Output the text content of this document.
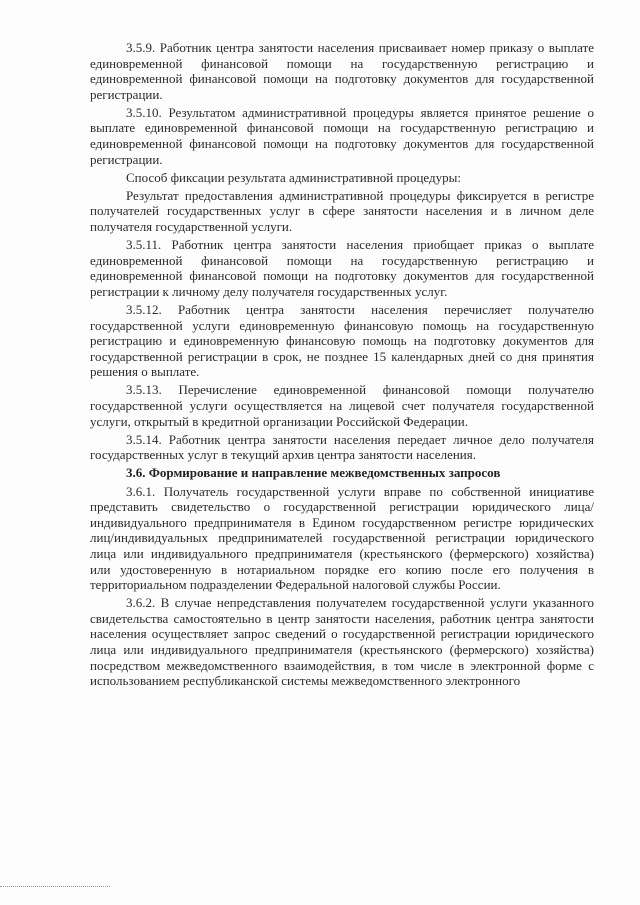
3.5.9. Работник центра занятости населения присваивает номер приказу о выплате единовременной финансовой помощи на государственную регистрацию и единовременной финансовой помощи на подготовку документов для государственной регистрации.

3.5.10. Результатом административной процедуры является принятое решение о выплате единовременной финансовой помощи на государственную регистрацию и единовременной финансовой помощи на подготовку документов для государственной регистрации.

Способ фиксации результата административной процедуры:

Результат предоставления административной процедуры фиксируется в регистре получателей государственных услуг в сфере занятости населения и в личном деле получателя государственной услуги.

3.5.11. Работник центра занятости населения приобщает приказ о выплате единовременной финансовой помощи на государственную регистрацию и единовременной финансовой помощи на подготовку документов для государственной регистрации к личному делу получателя государственных услуг.

3.5.12. Работник центра занятости населения перечисляет получателю государственной услуги единовременную финансовую помощь на государственную регистрацию и единовременную финансовую помощь на подготовку документов для государственной регистрации в срок, не позднее 15 календарных дней со дня принятия решения о выплате.

3.5.13. Перечисление единовременной финансовой помощи получателю государственной услуги осуществляется на лицевой счет получателя государственной услуги, открытый в кредитной организации Российской Федерации.

3.5.14. Работник центра занятости населения передает личное дело получателя государственных услуг в текущий архив центра занятости населения.

3.6. Формирование и направление межведомственных запросов

3.6.1. Получатель государственной услуги вправе по собственной инициативе представить свидетельство о государственной регистрации юридического лица/индивидуального предпринимателя в Едином государственном регистре юридических лиц/индивидуальных предпринимателей государственной регистрации юридического лица или индивидуального предпринимателя (крестьянского (фермерского) хозяйства) или удостоверенную в нотариальном порядке его копию после его получения в территориальном подразделении Федеральной налоговой службы России.

3.6.2. В случае непредставления получателем государственной услуги указанного свидетельства самостоятельно в центр занятости населения, работник центра занятости населения осуществляет запрос сведений о государственной регистрации юридического лица или индивидуального предпринимателя (крестьянского (фермерского) хозяйства) посредством межведомственного взаимодействия, в том числе в электронной форме с использованием республиканской системы межведомственного электронного
